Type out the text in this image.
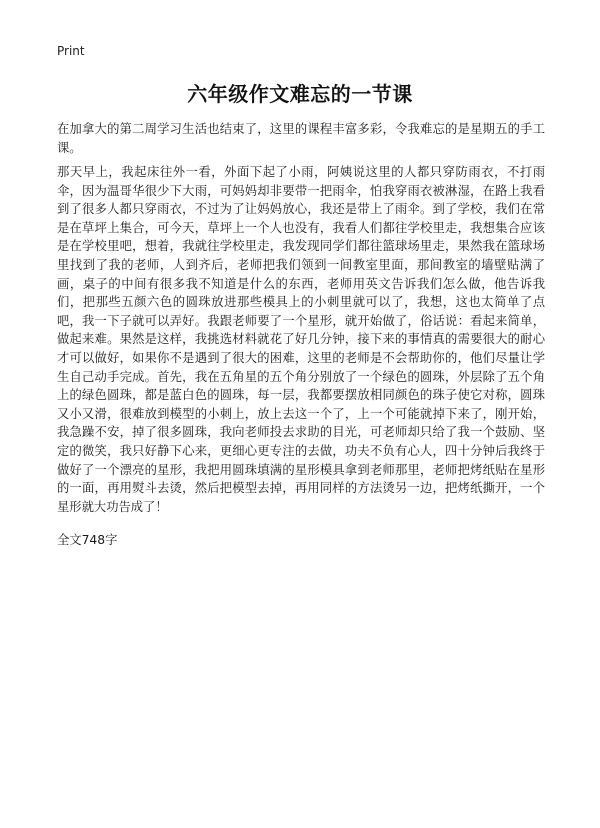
Print
六年级作文难忘的一节课

在加拿大的第二周学习生活也结束了，这里的课程丰富多彩，令我难忘的是星期五的手工课。

那天早上，我起床往外一看，外面下起了小雨，阿姨说这里的人都只穿防雨衣，不打雨伞，因为温哥华很少下大雨，可妈妈却非要带一把雨伞，怕我穿雨衣被淋湿，在路上我看到了很多人都只穿雨衣，不过为了让妈妈放心，我还是带上了雨伞。到了学校，我们在常是在草坪上集合，可今天，草坪上一个人也没有，我看人们都往学校里走，我想集合应该是在学校里吧，想着，我就往学校里走，我发现同学们都往篮球场里走，果然我在篮球场里找到了我的老师，人到齐后，老师把我们领到一间教室里面，那间教室的墙壁贴满了画，桌子的中间有很多我不知道是什么的东西，老师用英文告诉我们怎么做，他告诉我们，把那些五颜六色的圆珠放进那些模具上的小刺里就可以了，我想，这也太简单了点吧，我一下子就可以弄好。我跟老师要了一个星形，就开始做了，俗话说：看起来简单，做起来难。果然是这样，我挑选材料就花了好几分钟，接下来的事情真的需要很大的耐心才可以做好，如果你不是遇到了很大的困难，这里的老师是不会帮助你的，他们尽量让学生自己动手完成。首先，我在五角星的五个角分别放了一个绿色的圆珠，外层除了五个角上的绿色圆珠，都是蓝白色的圆珠，每一层，我都要摆放相同颜色的珠子使它对称，圆珠又小又滑，很难放到模型的小刺上，放上去这一个了，上一个可能就掉下来了，刚开始，我急躁不安，掉了很多圆珠，我向老师投去求助的目光，可老师却只给了我一个鼓励、坚定的微笑，我只好静下心来，更细心更专注的去做，功夫不负有心人，四十分钟后我终于做好了一个漂亮的星形，我把用圆珠填满的星形模具拿到老师那里，老师把烤纸贴在星形的一面，再用熨斗去烫，然后把模型去掉，再用同样的方法烫另一边，把烤纸撕开，一个星形就大功告成了！

全文748字
